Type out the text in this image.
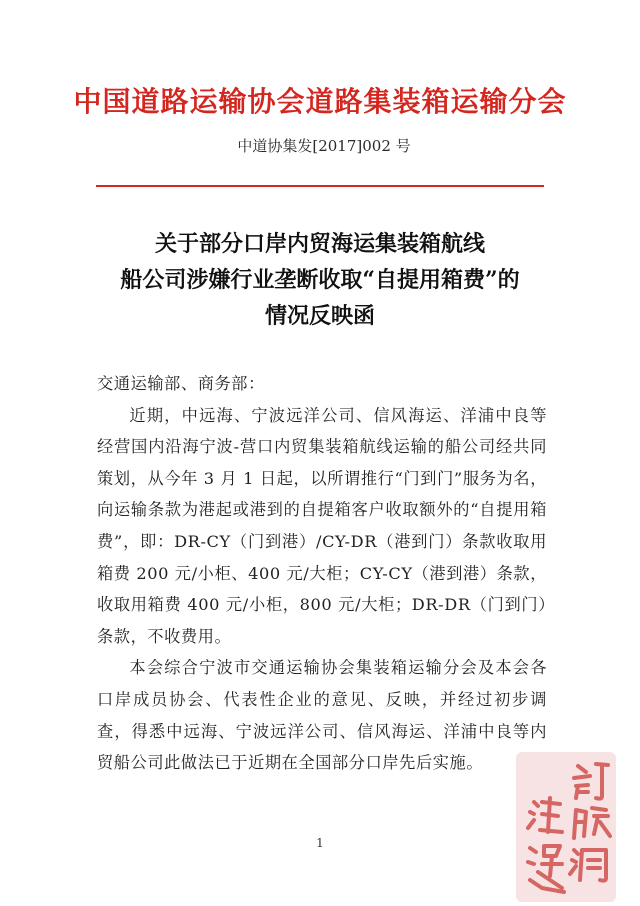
中国道路运输协会道路集装箱运输分会
中道协集发[2017]002 号
关于部分口岸内贸海运集装箱航线
船公司涉嫌行业垄断收取“自提用箱费”的
情况反映函

交通运输部、商务部：

近期，中远海、宁波远洋公司、信风海运、洋浦中良等经营国内沿海宁波-营口内贸集装箱航线运输的船公司经共同策划，从今年 3 月 1 日起，以所谓推行“门到门”服务为名，向运输条款为港起或港到的自提箱客户收取额外的“自提用箱费”，即：DR-CY（门到港）/CY-DR（港到门）条款收取用箱费 200 元/小柜、400 元/大柜；CY-CY（港到港）条款，收取用箱费 400 元/小柜，800 元/大柜；DR-DR（门到门）条款，不收费用。

本会综合宁波市交通运输协会集装箱运输分会及本会各口岸成员协会、代表性企业的意见、反映，并经过初步调查，得悉中远海、宁波远洋公司、信风海运、洋浦中良等内贸船公司此做法已于近期在全国部分口岸先后实施。

1
